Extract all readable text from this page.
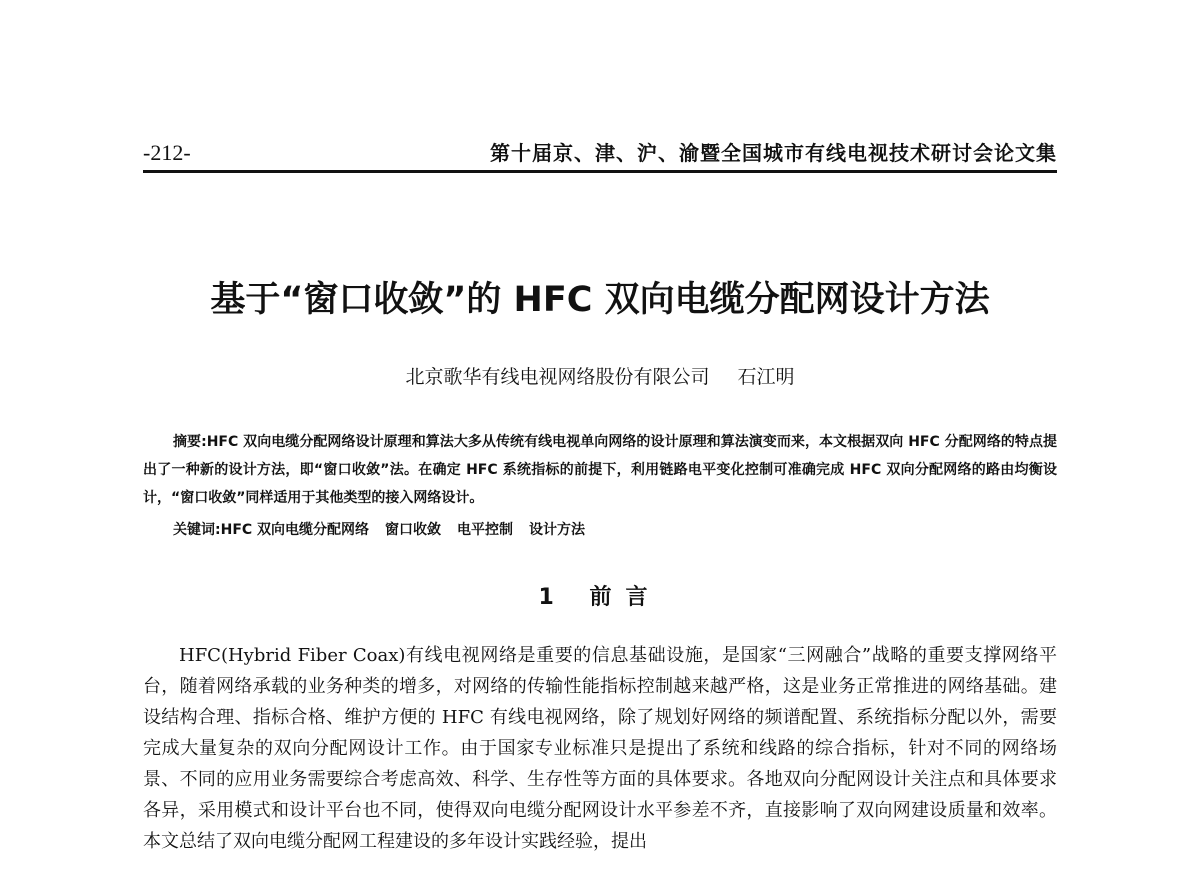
-212-	第十届京、津、沪、渝暨全国城市有线电视技术研讨会论文集
基于“窗口收敛”的 HFC 双向电缆分配网设计方法
北京歌华有线电视网络股份有限公司 石江明
摘要:HFC 双向电缆分配网络设计原理和算法大多从传统有线电视单向网络的设计原理和算法演变而来，本文根据双向 HFC 分配网络的特点提出了一种新的设计方法，即“窗口收敛”法。在确定 HFC 系统指标的前提下，利用链路电平变化控制可准确完成 HFC 双向分配网络的路由均衡设计，“窗口收敛”同样适用于其他类型的接入网络设计。
关键词:HFC 双向电缆分配网络 窗口收敛 电平控制 设计方法
1 前言
HFC(Hybrid Fiber Coax)有线电视网络是重要的信息基础设施，是国家“三网融合”战略的重要支撑网络平台，随着网络承载的业务种类的增多，对网络的传输性能指标控制越来越严格，这是业务正常推进的网络基础。建设结构合理、指标合格、维护方便的 HFC 有线电视网络，除了规划好网络的频谱配置、系统指标分配以外，需要完成大量复杂的双向分配网设计工作。由于国家专业标准只是提出了系统和线路的综合指标，针对不同的网络场景、不同的应用业务需要综合考虑高效、科学、生存性等方面的具体要求。各地双向分配网设计关注点和具体要求各异，采用模式和设计平台也不同，使得双向电缆分配网设计水平参差不齐，直接影响了双向网建设质量和效率。本文总结了双向电缆分配网工程建设的多年设计实践经验，提出
